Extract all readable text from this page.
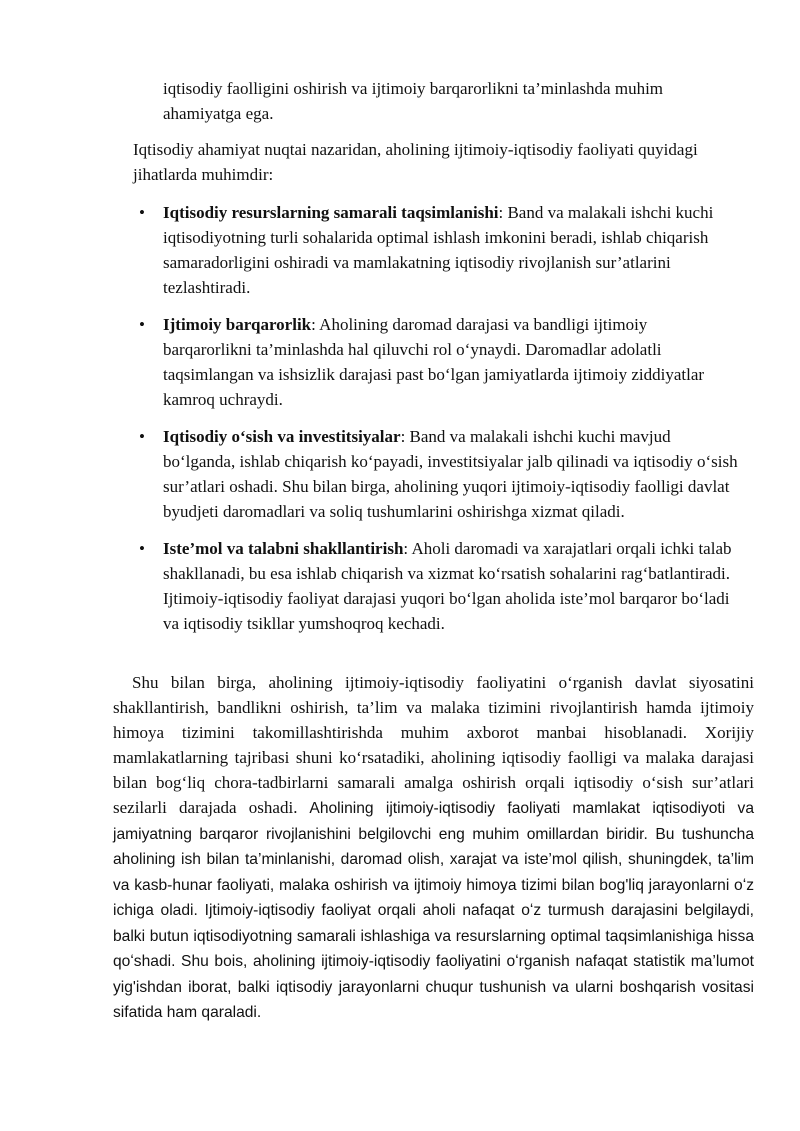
iqtisodiy faolligini oshirish va ijtimoiy barqarorlikni ta’minlashda muhim ahamiyatga ega.

Iqtisodiy ahamiyat nuqtai nazaridan, aholining ijtimoiy-iqtisodiy faoliyati quyidagi jihatlarda muhimdir:

• Iqtisodiy resurslarning samarali taqsimlanishi: Band va malakali ishchi kuchi iqtisodiyotning turli sohalarida optimal ishlash imkonini beradi, ishlab chiqarish samaradorligini oshiradi va mamlakatning iqtisodiy rivojlanish sur’atlarini tezlashtiradi.
• Ijtimoiy barqarorlik: Aholining daromad darajasi va bandligi ijtimoiy barqarorlikni ta’minlashda hal qiluvchi rol oʻynaydi. Daromadlar adolatli taqsimlangan va ishsizlik darajasi past boʻlgan jamiyatlarda ijtimoiy ziddiyatlar kamroq uchraydi.
• Iqtisodiy oʻsish va investitsiyalar: Band va malakali ishchi kuchi mavjud boʻlganda, ishlab chiqarish koʻpayadi, investitsiyalar jalb qilinadi va iqtisodiy oʻsish sur’atlari oshadi. Shu bilan birga, aholining yuqori ijtimoiy-iqtisodiy faolligi davlat byudjeti daromadlari va soliq tushumlarini oshirishga xizmat qiladi.
• Iste’mol va talabni shakllantirish: Aholi daromadi va xarajatlari orqali ichki talab shakllanadi, bu esa ishlab chiqarish va xizmat koʻrsatish sohalarini ragʻbatlantiradi. Ijtimoiy-iqtisodiy faoliyat darajasi yuqori boʻlgan aholida iste’mol barqaror boʻladi va iqtisodiy tsikllar yumshoqroq kechadi.

Shu bilan birga, aholining ijtimoiy-iqtisodiy faoliyatini oʻrganish davlat siyosatini shakllantirish, bandlikni oshirish, ta’lim va malaka tizimini rivojlantirish hamda ijtimoiy himoya tizimini takomillashtirishda muhim axborot manbai hisoblanadi. Xorijiy mamlakatlarning tajribasi shuni koʻrsatadiki, aholining iqtisodiy faolligi va malaka darajasi bilan bogʻliq chora-tadbirlarni samarali amalga oshirish orqali iqtisodiy oʻsish sur’atlari sezilarli darajada oshadi. Aholining ijtimoiy-iqtisodiy faoliyati mamlakat iqtisodiyoti va jamiyatning barqaror rivojlanishini belgilovchi eng muhim omillardan biridir. Bu tushuncha aholining ish bilan ta’minlanishi, daromad olish, xarajat va iste’mol qilish, shuningdek, ta’lim va kasb-hunar faoliyati, malaka oshirish va ijtimoiy himoya tizimi bilan bog'liq jarayonlarni oʻz ichiga oladi. Ijtimoiy-iqtisodiy faoliyat orqali aholi nafaqat oʻz turmush darajasini belgilaydi, balki butun iqtisodiyotning samarali ishlashiga va resurslarning optimal taqsimlanishiga hissa qoʻshadi. Shu bois, aholining ijtimoiy-iqtisodiy faoliyatini oʻrganish nafaqat statistik ma’lumot yig'ishdan iborat, balki iqtisodiy jarayonlarni chuqur tushunish va ularni boshqarish vositasi sifatida ham qaraladi.
